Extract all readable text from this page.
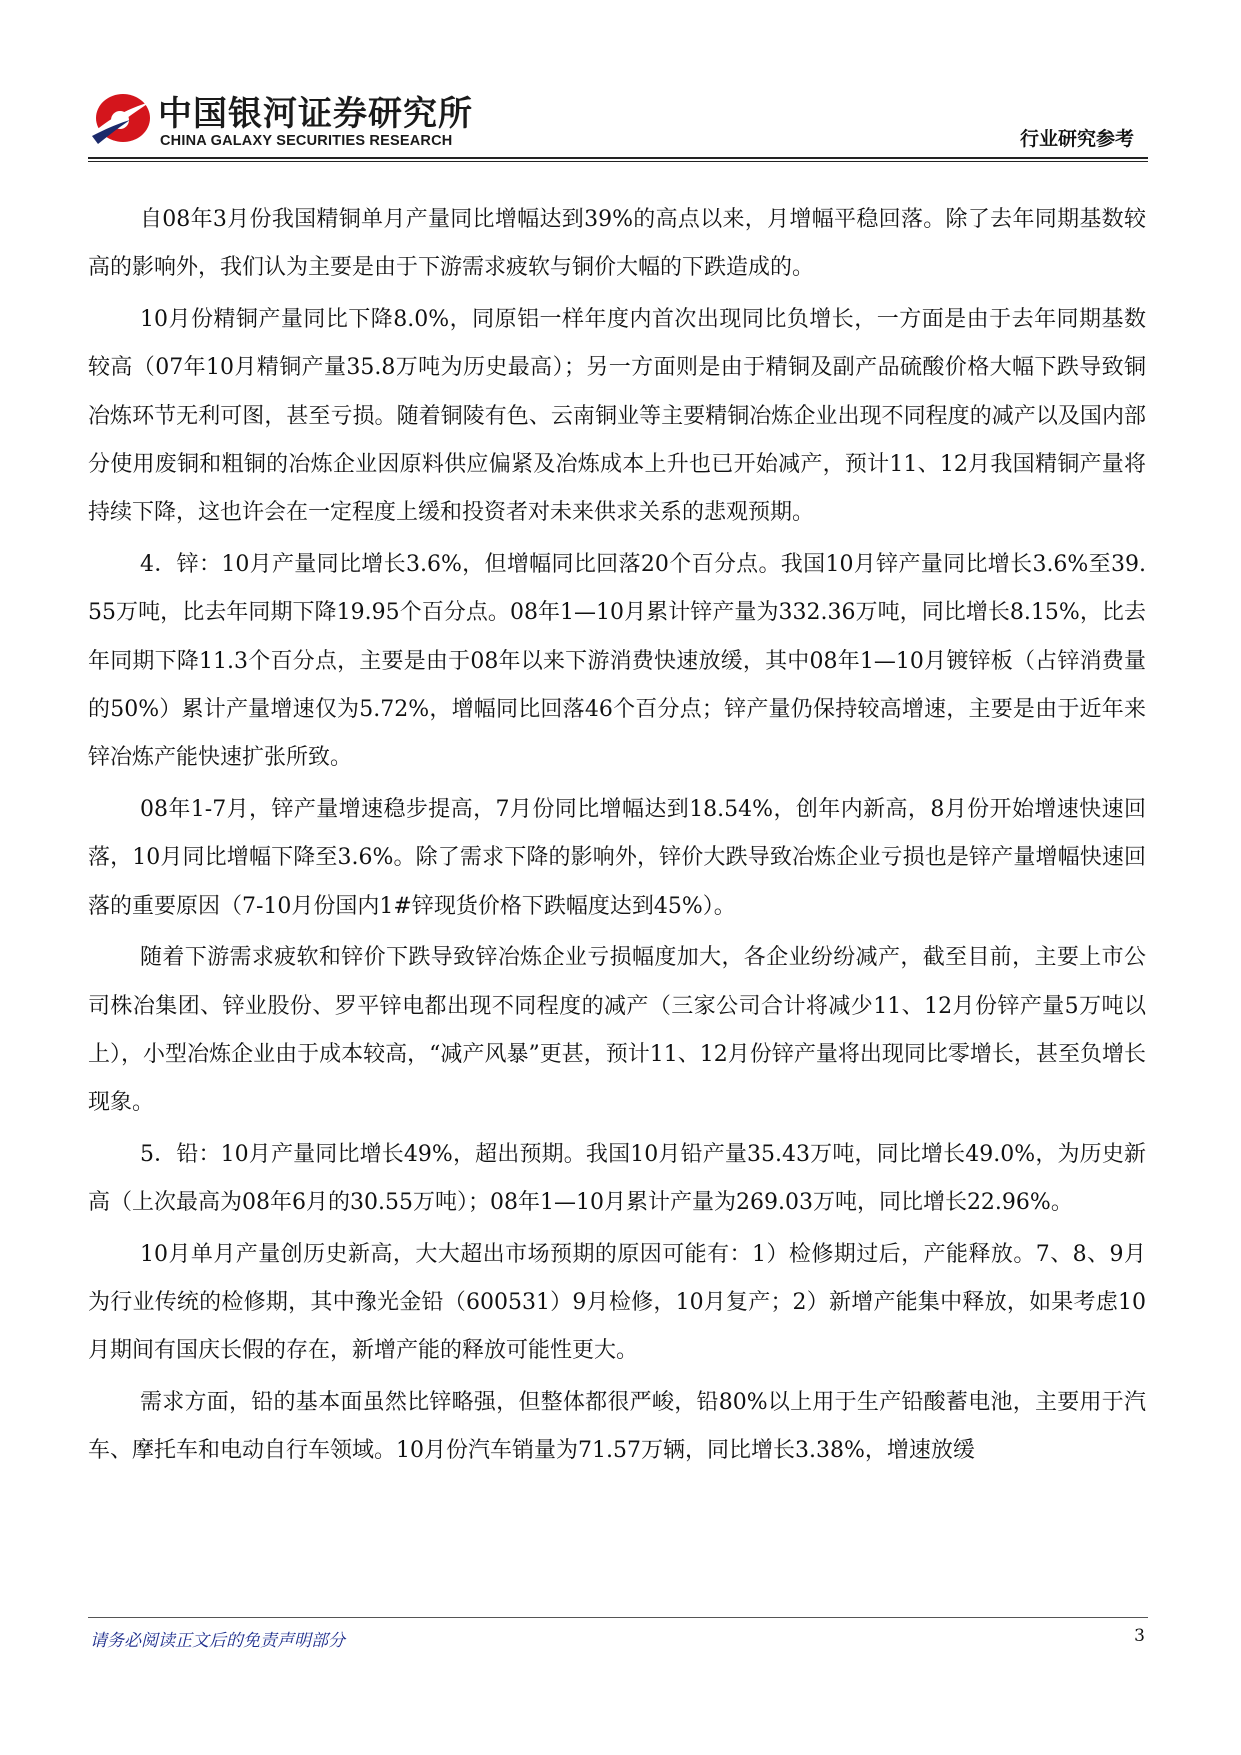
中国银河证券研究所
CHINA GALAXY SECURITIES RESEARCH	行业研究参考

自08年3月份我国精铜单月产量同比增幅达到39%的高点以来，月增幅平稳回落。除了去年同期基数较高的影响外，我们认为主要是由于下游需求疲软与铜价大幅的下跌造成的。

10月份精铜产量同比下降8.0%，同原铝一样年度内首次出现同比负增长，一方面是由于去年同期基数较高（07年10月精铜产量35.8万吨为历史最高）；另一方面则是由于精铜及副产品硫酸价格大幅下跌导致铜冶炼环节无利可图，甚至亏损。随着铜陵有色、云南铜业等主要精铜冶炼企业出现不同程度的减产以及国内部分使用废铜和粗铜的冶炼企业因原料供应偏紧及冶炼成本上升也已开始减产，预计11、12月我国精铜产量将持续下降，这也许会在一定程度上缓和投资者对未来供求关系的悲观预期。

4．锌：10月产量同比增长3.6%，但增幅同比回落20个百分点。我国10月锌产量同比增长3.6%至39.55万吨，比去年同期下降19.95个百分点。08年1—10月累计锌产量为332.36万吨，同比增长8.15%，比去年同期下降11.3个百分点，主要是由于08年以来下游消费快速放缓，其中08年1—10月镀锌板（占锌消费量的50%）累计产量增速仅为5.72%，增幅同比回落46个百分点；锌产量仍保持较高增速，主要是由于近年来锌冶炼产能快速扩张所致。

08年1-7月，锌产量增速稳步提高，7月份同比增幅达到18.54%，创年内新高，8月份开始增速快速回落，10月同比增幅下降至3.6%。除了需求下降的影响外，锌价大跌导致冶炼企业亏损也是锌产量增幅快速回落的重要原因（7-10月份国内1#锌现货价格下跌幅度达到45%）。

随着下游需求疲软和锌价下跌导致锌冶炼企业亏损幅度加大，各企业纷纷减产，截至目前，主要上市公司株冶集团、锌业股份、罗平锌电都出现不同程度的减产（三家公司合计将减少11、12月份锌产量5万吨以上），小型冶炼企业由于成本较高，“减产风暴”更甚，预计11、12月份锌产量将出现同比零增长，甚至负增长现象。

5．铅：10月产量同比增长49%，超出预期。我国10月铅产量35.43万吨，同比增长49.0%，为历史新高（上次最高为08年6月的30.55万吨）；08年1—10月累计产量为269.03万吨，同比增长22.96%。

10月单月产量创历史新高，大大超出市场预期的原因可能有：1）检修期过后，产能释放。7、8、9月为行业传统的检修期，其中豫光金铅（600531）9月检修，10月复产；2）新增产能集中释放，如果考虑10月期间有国庆长假的存在，新增产能的释放可能性更大。

需求方面，铅的基本面虽然比锌略强，但整体都很严峻，铅80%以上用于生产铅酸蓄电池，主要用于汽车、摩托车和电动自行车领域。10月份汽车销量为71.57万辆，同比增长3.38%，增速放缓

请务必阅读正文后的免责声明部分	3
